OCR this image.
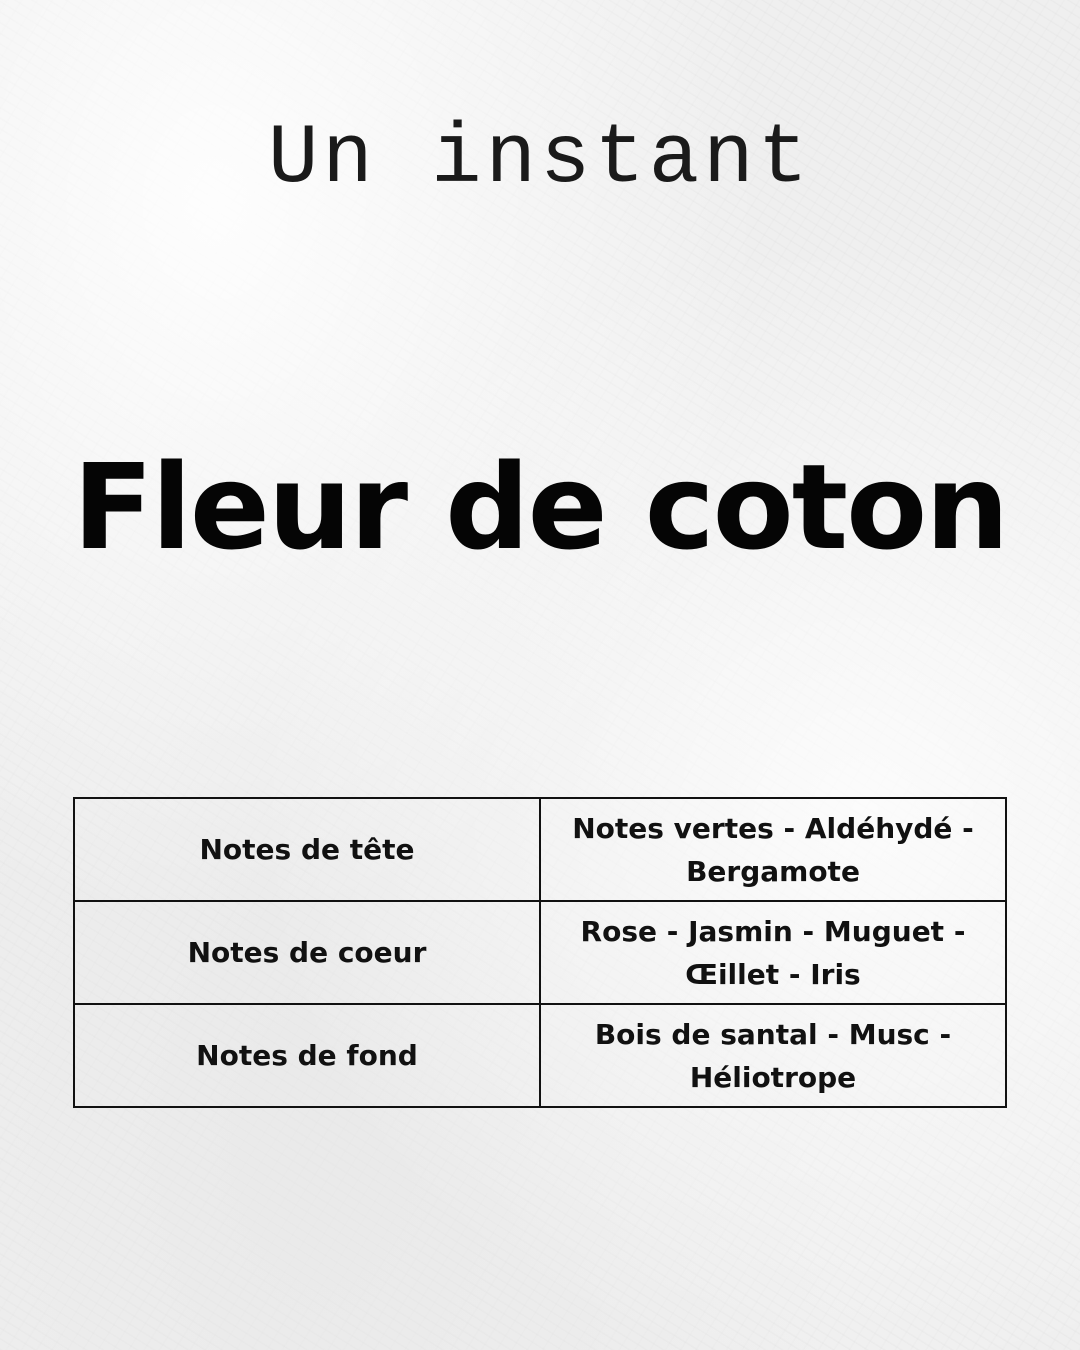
Un instant
Fleur de coton
Notes de tête	Notes vertes - Aldéhydé - Bergamote
Notes de coeur	Rose - Jasmin - Muguet - Œillet - Iris
Notes de fond	Bois de santal - Musc - Héliotrope
